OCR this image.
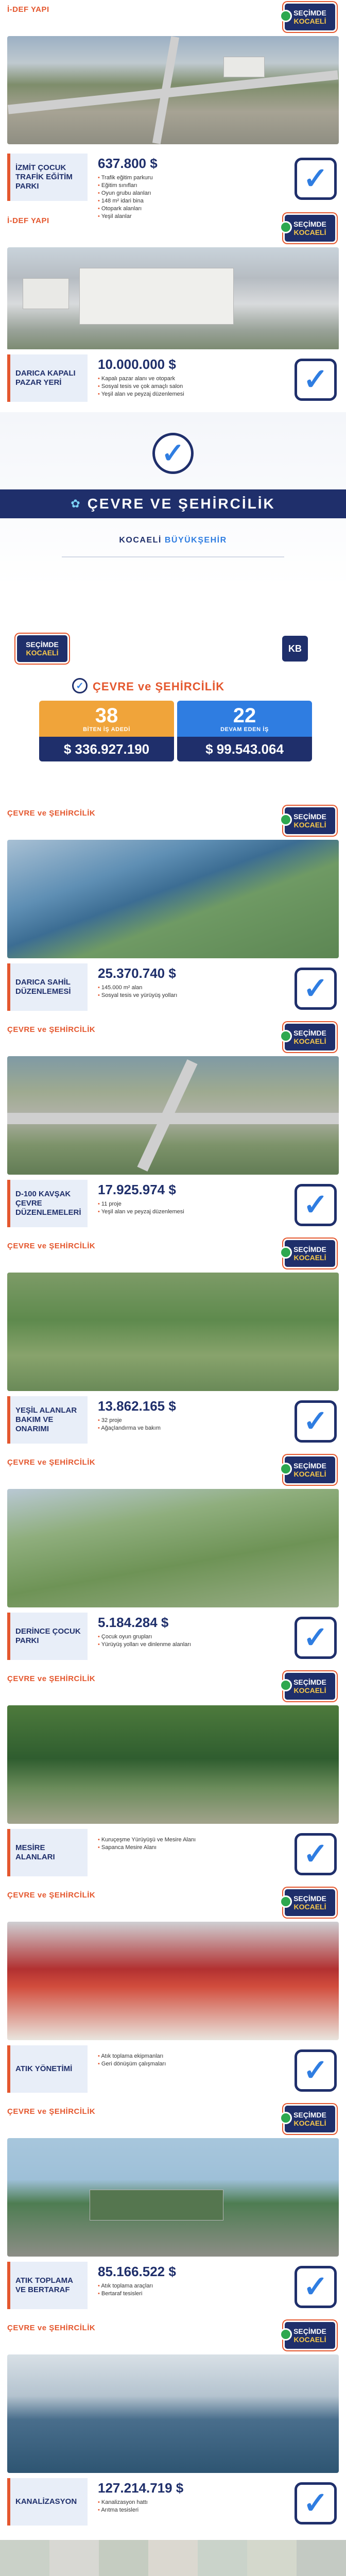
İ-DEF YAPI	SEÇİMDE
KOCAELİ
İZMİT ÇOCUK TRAFİK EĞİTİM PARKI
637.800 $
• Trafik eğitim parkuru
• Eğitim sınıfları
• Oyun grubu alanları
• 148 m² idari bina
• Otopark alanları
• Yeşil alanlar
✓
İ-DEF YAPI	SEÇİMDE
KOCAELİ
DARICA KAPALI PAZAR YERİ
10.000.000 $
• Kapalı pazar alanı ve otopark
• Sosyal tesis ve çok amaçlı salon
• Yeşil alan ve peyzaj düzenlemesi	✓
✓
✿ ÇEVRE VE ŞEHİRCİLİK
KOCAELİ BÜYÜKŞEHİR
SEÇİMDE
KOCAELİ	KB
✓ ÇEVRE ve ŞEHİRCİLİK
38
BİTEN İŞ ADEDİ
$ 336.927.190
22
DEVAM EDEN İŞ
$ 99.543.064
ÇEVRE ve ŞEHİRCİLİK	SEÇİMDE
KOCAELİ
DARICA SAHİL DÜZENLEMESİ
25.370.740 $
• 145.000 m² alan
• Sosyal tesis ve yürüyüş yolları	✓
ÇEVRE ve ŞEHİRCİLİK	SEÇİMDE
KOCAELİ
D-100 KAVŞAK ÇEVRE DÜZENLEMELERİ
17.925.974 $
• 11 proje
• Yeşil alan ve peyzaj düzenlemesi	✓
ÇEVRE ve ŞEHİRCİLİK	SEÇİMDE
KOCAELİ
YEŞİL ALANLAR BAKIM VE ONARIMI
13.862.165 $
• 32 proje
• Ağaçlandırma ve bakım	✓
ÇEVRE ve ŞEHİRCİLİK	SEÇİMDE
KOCAELİ
DERİNCE ÇOCUK PARKI
5.184.284 $
• Çocuk oyun grupları
• Yürüyüş yolları ve dinlenme alanları	✓
ÇEVRE ve ŞEHİRCİLİK	SEÇİMDE
KOCAELİ
MESİRE ALANLARI
• Kuruçeşme Yürüyüşü ve Mesire Alanı
• Sapanca Mesire Alanı	✓
ÇEVRE ve ŞEHİRCİLİK	SEÇİMDE
KOCAELİ
ATIK YÖNETİMİ
• Atık toplama ekipmanları
• Geri dönüşüm çalışmaları	✓
ÇEVRE ve ŞEHİRCİLİK	SEÇİMDE
KOCAELİ
ATIK TOPLAMA VE BERTARAF
85.166.522 $
• Atık toplama araçları
• Bertaraf tesisleri	✓
ÇEVRE ve ŞEHİRCİLİK	SEÇİMDE
KOCAELİ
KANALİZASYON
127.214.719 $
• Kanalizasyon hattı
• Arıtma tesisleri	✓
